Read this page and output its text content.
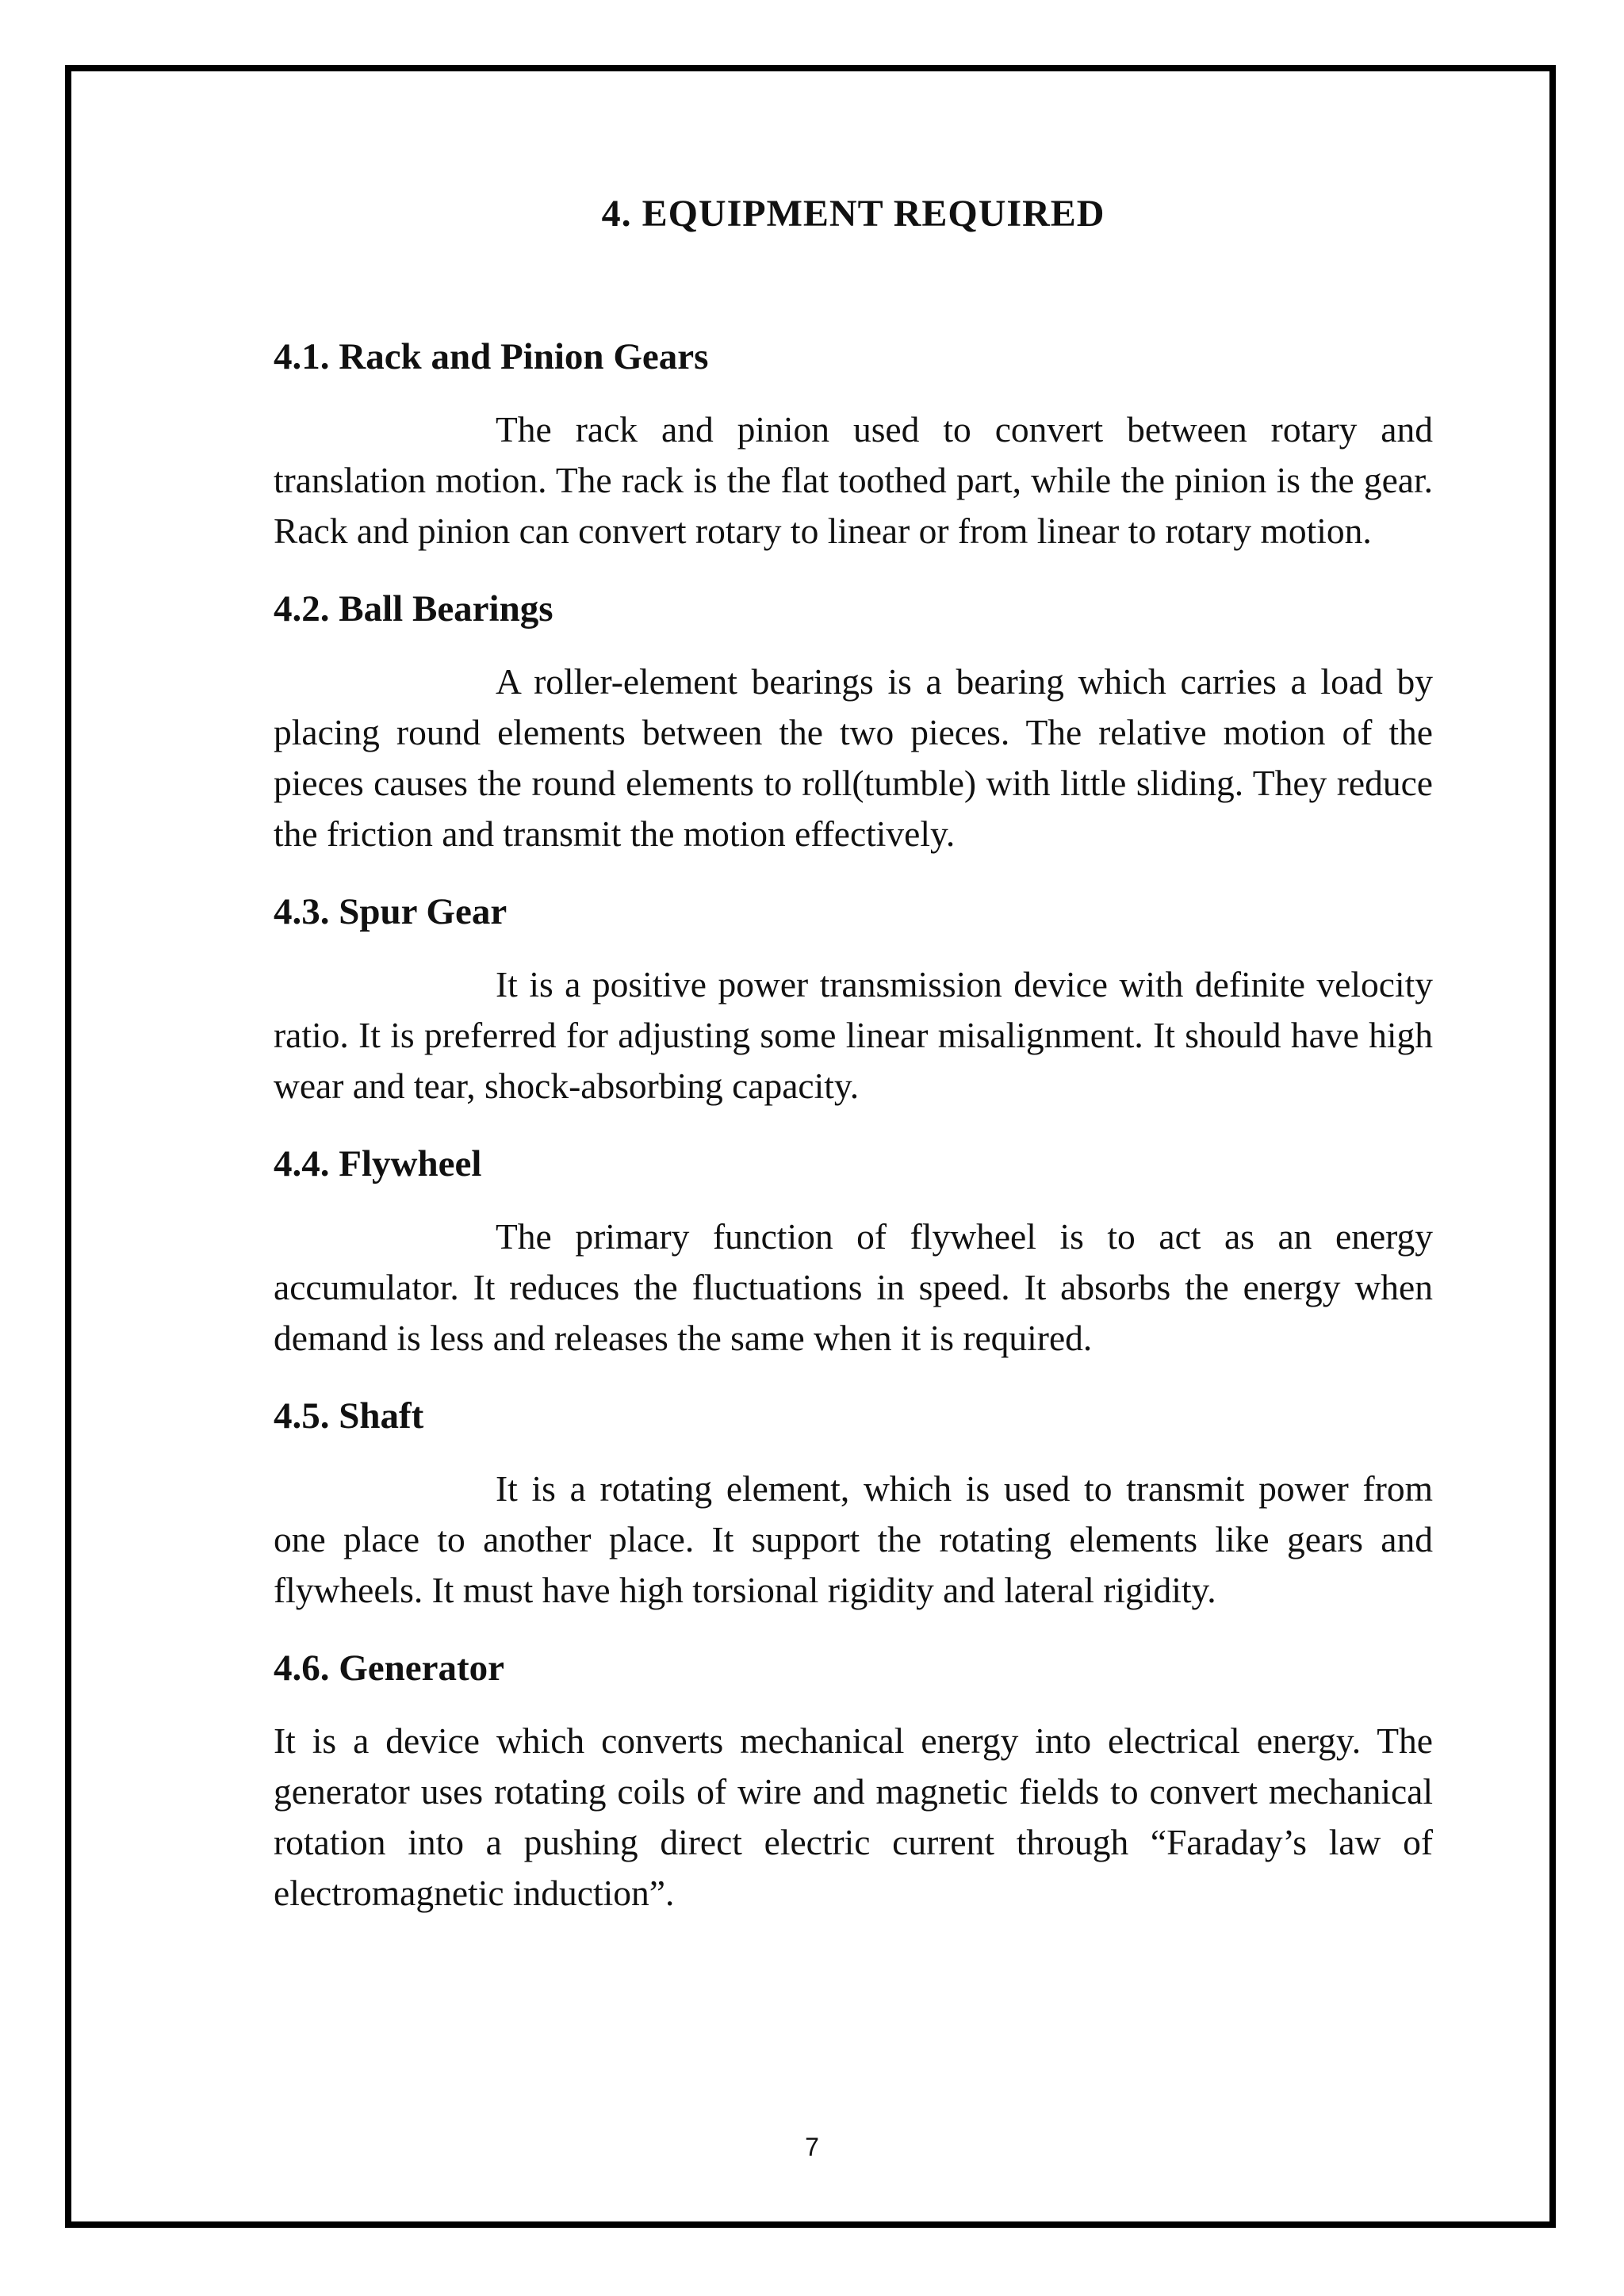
4. EQUIPMENT REQUIRED
4.1. Rack and Pinion Gears

The rack and pinion used to convert between rotary and translation motion. The rack is the flat toothed part, while the pinion is the gear. Rack and pinion can convert rotary to linear or from linear to rotary motion.

4.2. Ball Bearings

A roller-element bearings is a bearing which carries a load by placing round elements between the two pieces. The relative motion of the pieces causes the round elements to roll(tumble) with little sliding. They reduce the friction and transmit the motion effectively.

4.3. Spur Gear

It is a positive power transmission device with definite velocity ratio. It is preferred for adjusting some linear misalignment. It should have high wear and tear, shock-absorbing capacity.

4.4. Flywheel

The primary function of flywheel is to act as an energy accumulator. It reduces the fluctuations in speed. It absorbs the energy when demand is less and releases the same when it is required.

4.5. Shaft

It is a rotating element, which is used to transmit power from one place to another place. It support the rotating elements like gears and flywheels. It must have high torsional rigidity and lateral rigidity.

4.6. Generator

It is a device which converts mechanical energy into electrical energy. The generator uses rotating coils of wire and magnetic fields to convert mechanical rotation into a pushing direct electric current through “Faraday’s law of electromagnetic induction”.

7
